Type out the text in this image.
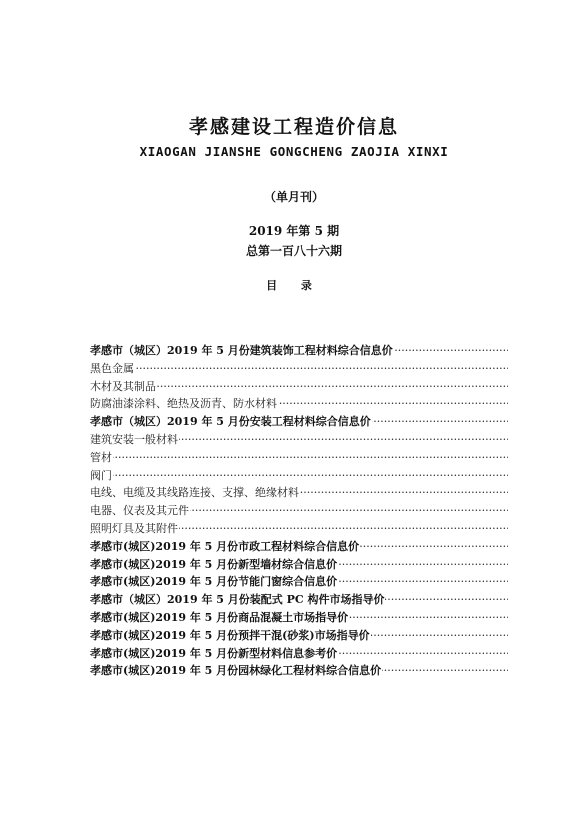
孝感建设工程造价信息
XIAOGAN JIANSHE GONGCHENG ZAOJIA XINXI
（单月刊）
2019 年第 5 期
总第一百八十六期
目 录
孝感市（城区）2019 年 5 月份建筑装饰工程材料综合信息价 ·····
黑色金属 ·····
木材及其制品 ·····
防腐油漆涂料、绝热及沥青、防水材料 ·····
孝感市（城区）2019 年 5 月份安装工程材料综合信息价 ·····
建筑安装一般材料 ·····
管材 ·····
阀门 ·····
电线、电缆及其线路连接、支撑、绝缘材料 ·····
电器、仪表及其元件 ·····
照明灯具及其附件 ·····
孝感市(城区)2019 年 5 月份市政工程材料综合信息价 ·····
孝感市(城区)2019 年 5 月份新型墙材综合信息价 ·····
孝感市(城区)2019 年 5 月份节能门窗综合信息价 ·····
孝感市（城区）2019 年 5 月份装配式 PC 构件市场指导价 ·····
孝感市(城区)2019 年 5 月份商品混凝土市场指导价 ·····
孝感市(城区)2019 年 5 月份预拌干混(砂浆)市场指导价 ·····
孝感市(城区)2019 年 5 月份新型材料信息参考价 ·····
孝感市(城区)2019 年 5 月份园林绿化工程材料综合信息价 ·····
